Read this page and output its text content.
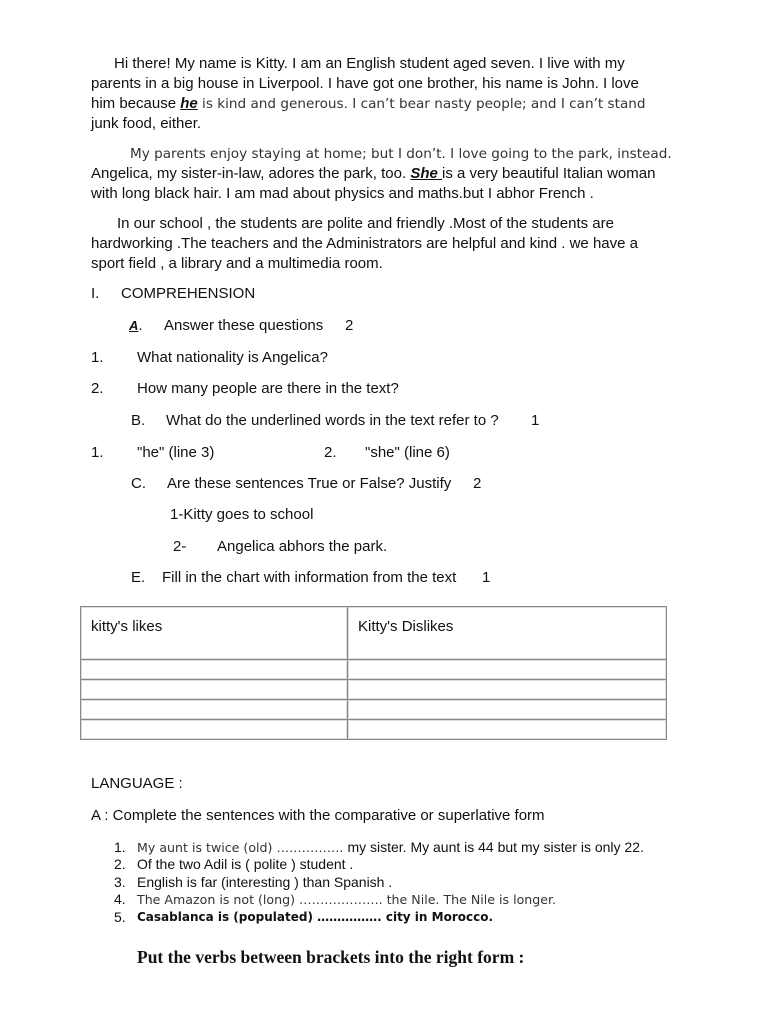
Hi there! My name is Kitty. I am an English student aged seven. I live with my
parents in a big house in Liverpool. I have got one brother, his name is John. I love
him because he is kind and generous. I can’t bear nasty people; and I can’t stand
junk food, either.
My parents enjoy staying at home; but I don’t. I love going to the park, instead.
Angelica, my sister-in-law, adores the park, too. She is a very beautiful Italian woman
with long black hair. I am mad about physics and maths.but I abhor French .
In our school , the students are polite and friendly .Most of the students are
hardworking .The teachers and the Administrators are helpful and kind . we have a
sport field , a library and a multimedia room.
I. COMPREHENSION
A. Answer these questions 2
1. What nationality is Angelica?
2. How many people are there in the text?
B. What do the underlined words in the text refer to ? 1
1. "he" (line 3)	2. "she" (line 6)
C. Are these sentences True or False? Justify 2
1-Kitty goes to school
2- Angelica abhors the park.
E. Fill in the chart with information from the text 1
kitty's likes	Kitty's Dislikes

LANGUAGE :
A : Complete the sentences with the comparative or superlative form
1. My aunt is twice (old) ……………. my sister. My aunt is 44 but my sister is only 22.
2. Of the two Adil is ( polite ) student .
3. English is far (interesting ) than Spanish .
4. The Amazon is not (long) ……………….. the Nile. The Nile is longer.
5. Casablanca is (populated) ……………. city in Morocco.
Put the verbs between brackets into the right form :
